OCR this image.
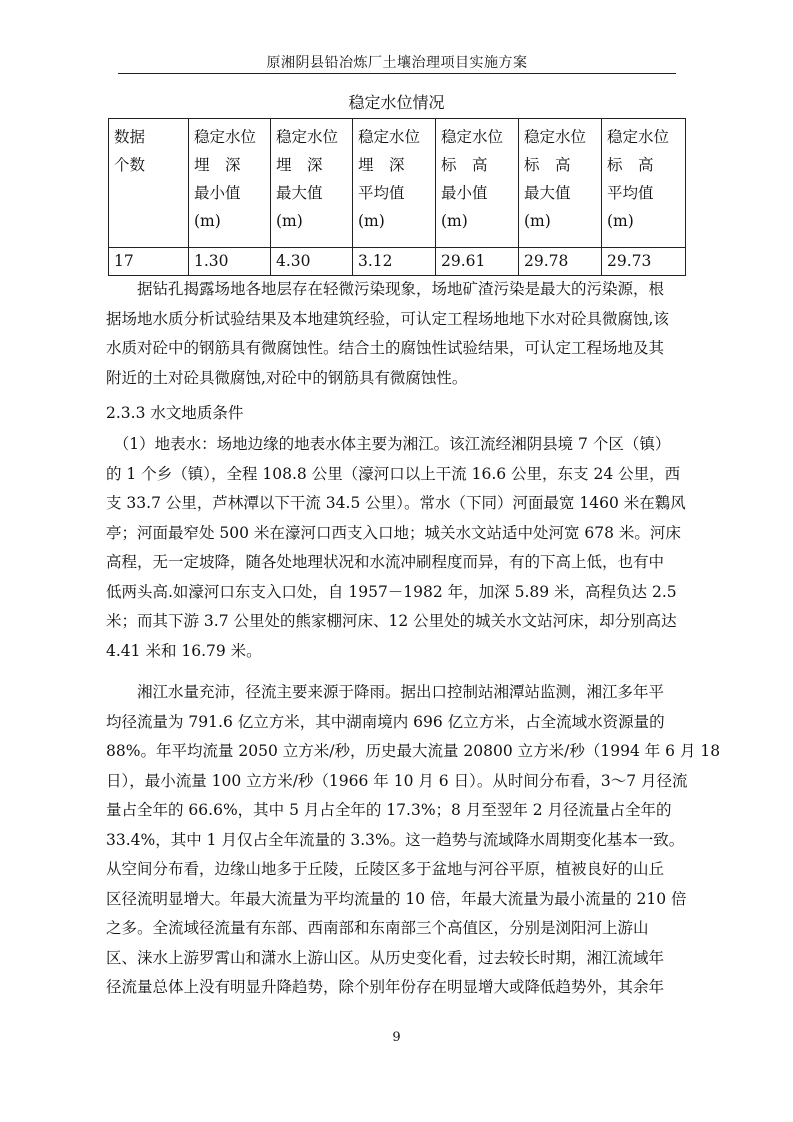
原湘阴县铅冶炼厂土壤治理项目实施方案
稳定水位情况
数据
个数	稳定水位
埋　深
最小值
(m)	稳定水位
埋　深
最大值
(m)	稳定水位
埋　深
平均值
(m)	稳定水位
标　高
最小值
(m)	稳定水位
标　高
最大值
(m)	稳定水位
标　高
平均值
(m)

17	1.30	4.30	3.12	29.61	29.78	29.73
　　据钻孔揭露场地各地层存在轻微污染现象，场地矿渣污染是最大的污染源，根
据场地水质分析试验结果及本地建筑经验，可认定工程场地地下水对砼具微腐蚀,该
水质对砼中的钢筋具有微腐蚀性。结合土的腐蚀性试验结果，可认定工程场地及其
附近的土对砼具微腐蚀,对砼中的钢筋具有微腐蚀性。
2.3.3 水文地质条件
　（1）地表水：场地边缘的地表水体主要为湘江。该江流经湘阴县境 7 个区（镇）
的 1 个乡（镇），全程 108.8 公里（濠河口以上干流 16.6 公里，东支 24 公里，西
支 33.7 公里，芦林潭以下干流 34.5 公里）。常水（下同）河面最宽 1460 米在鸈风
亭；河面最窄处 500 米在濠河口西支入口地；城关水文站适中处河宽 678 米。河床
高程，无一定坡降，随各处地理状况和水流冲刷程度而异，有的下高上低，也有中
低两头高.如濠河口东支入口处，自 1957－1982 年，加深 5.89 米，高程负达 2.5
米；而其下游 3.7 公里处的熊家棚河床、12 公里处的城关水文站河床，却分别高达
4.41 米和 16.79 米。
　　湘江水量充沛，径流主要来源于降雨。据出口控制站湘潭站监测，湘江多年平
均径流量为 791.6 亿立方米，其中湖南境内 696 亿立方米，占全流域水资源量的
88%。年平均流量 2050 立方米/秒，历史最大流量 20800 立方米/秒（1994 年 6 月 18
日），最小流量 100 立方米/秒（1966 年 10 月 6 日）。从时间分布看，3～7 月径流
量占全年的 66.6%，其中 5 月占全年的 17.3%；8 月至翌年 2 月径流量占全年的
33.4%，其中 1 月仅占全年流量的 3.3%。这一趋势与流域降水周期变化基本一致。
从空间分布看，边缘山地多于丘陵，丘陵区多于盆地与河谷平原，植被良好的山丘
区径流明显增大。年最大流量为平均流量的 10 倍，年最大流量为最小流量的 210 倍
之多。全流域径流量有东部、西南部和东南部三个高值区，分别是浏阳河上游山
区、涞水上游罗霄山和潇水上游山区。从历史变化看，过去较长时期，湘江流域年
径流量总体上没有明显升降趋势，除个别年份存在明显增大或降低趋势外，其余年
9
